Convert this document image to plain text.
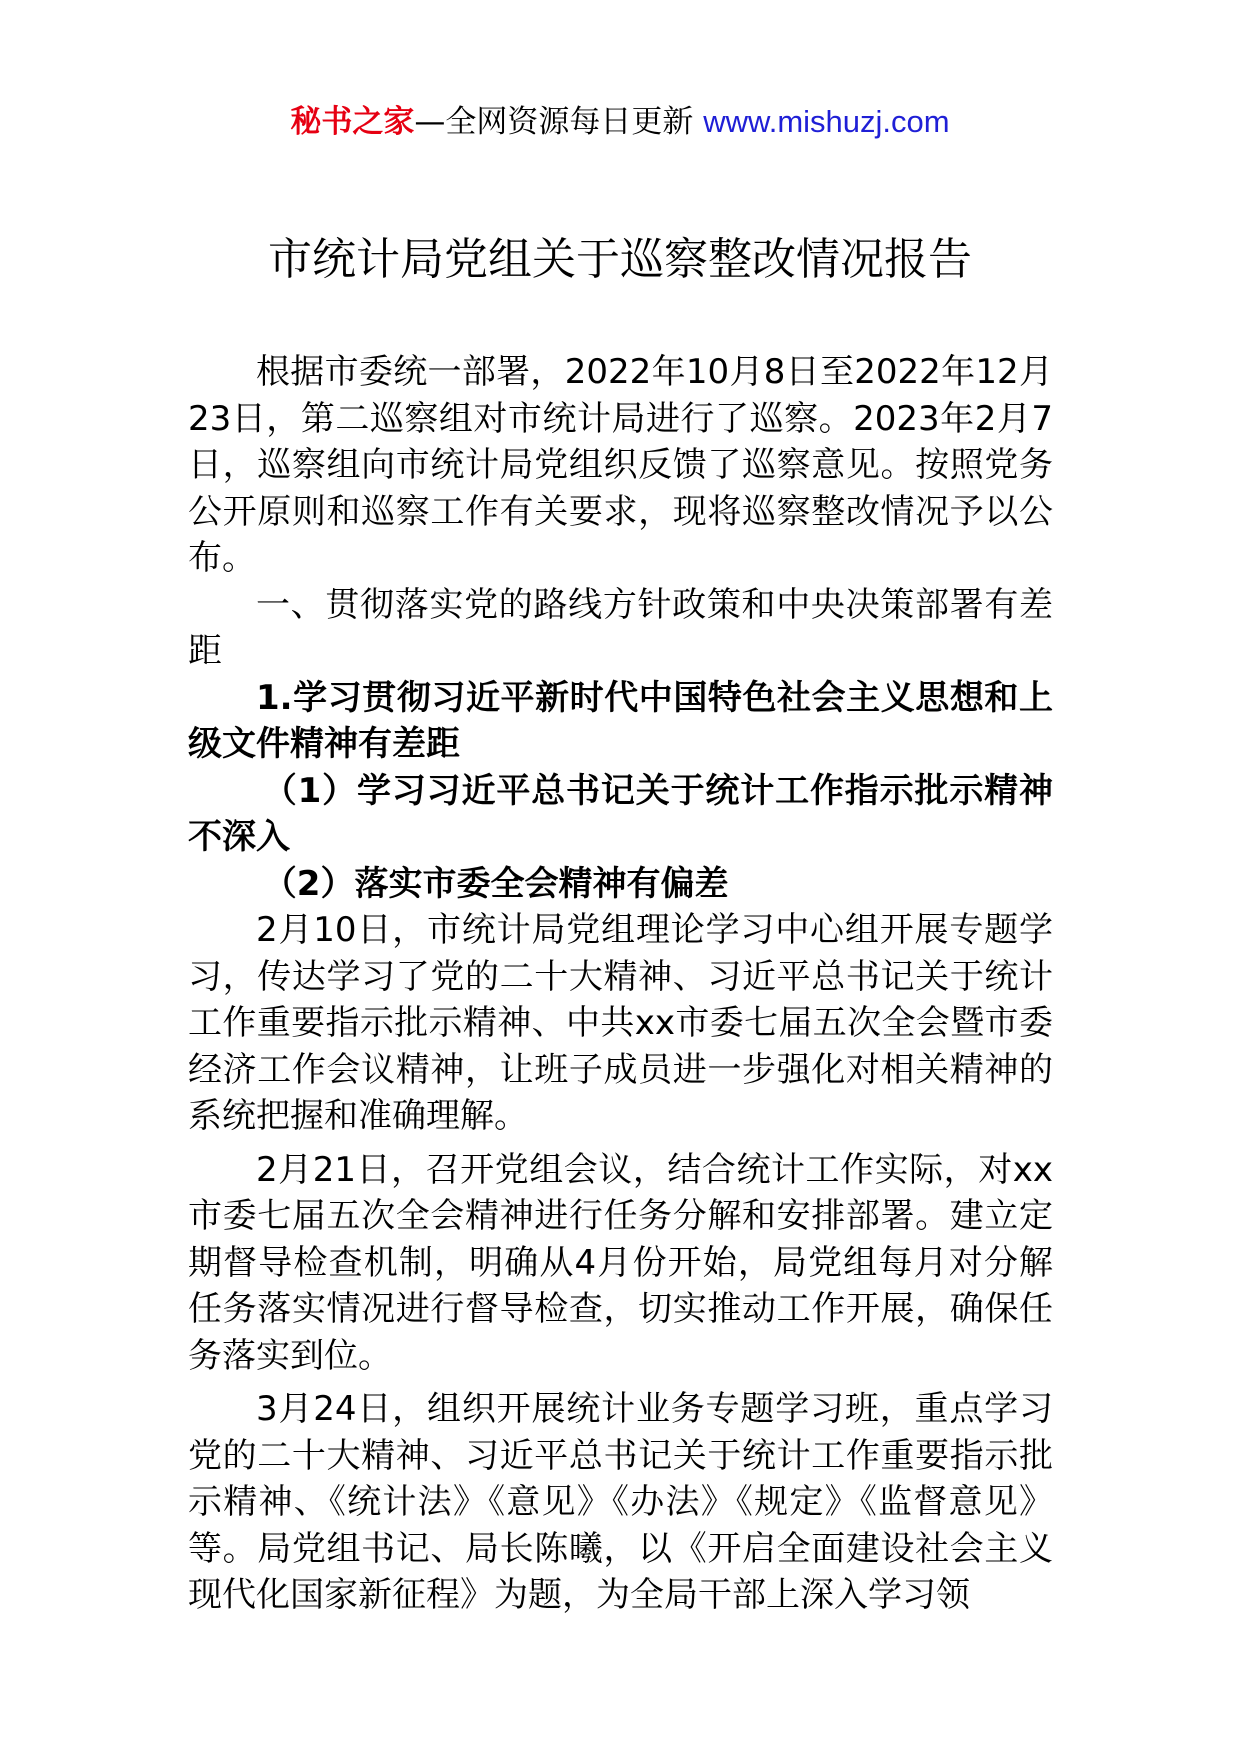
秘书之家—全网资源每日更新 www.mishuzj.com
市统计局党组关于巡察整改情况报告

根据市委统一部署，2022年10月8日至2022年12月23日，第二巡察组对市统计局进行了巡察。2023年2月7日，巡察组向市统计局党组织反馈了巡察意见。按照党务公开原则和巡察工作有关要求，现将巡察整改情况予以公布。

一、贯彻落实党的路线方针政策和中央决策部署有差距

1.学习贯彻习近平新时代中国特色社会主义思想和上级文件精神有差距

（1）学习习近平总书记关于统计工作指示批示精神不深入

（2）落实市委全会精神有偏差

2月10日，市统计局党组理论学习中心组开展专题学习，传达学习了党的二十大精神、习近平总书记关于统计工作重要指示批示精神、中共xx市委七届五次全会暨市委经济工作会议精神，让班子成员进一步强化对相关精神的系统把握和准确理解。

2月21日，召开党组会议，结合统计工作实际，对xx市委七届五次全会精神进行任务分解和安排部署。建立定期督导检查机制，明确从4月份开始，局党组每月对分解任务落实情况进行督导检查，切实推动工作开展，确保任务落实到位。

3月24日，组织开展统计业务专题学习班，重点学习党的二十大精神、习近平总书记关于统计工作重要指示批示精神、《统计法》《意见》《办法》《规定》《监督意见》等。局党组书记、局长陈曦，以《开启全面建设社会主义现代化国家新征程》为题，为全局干部上深入学习领
